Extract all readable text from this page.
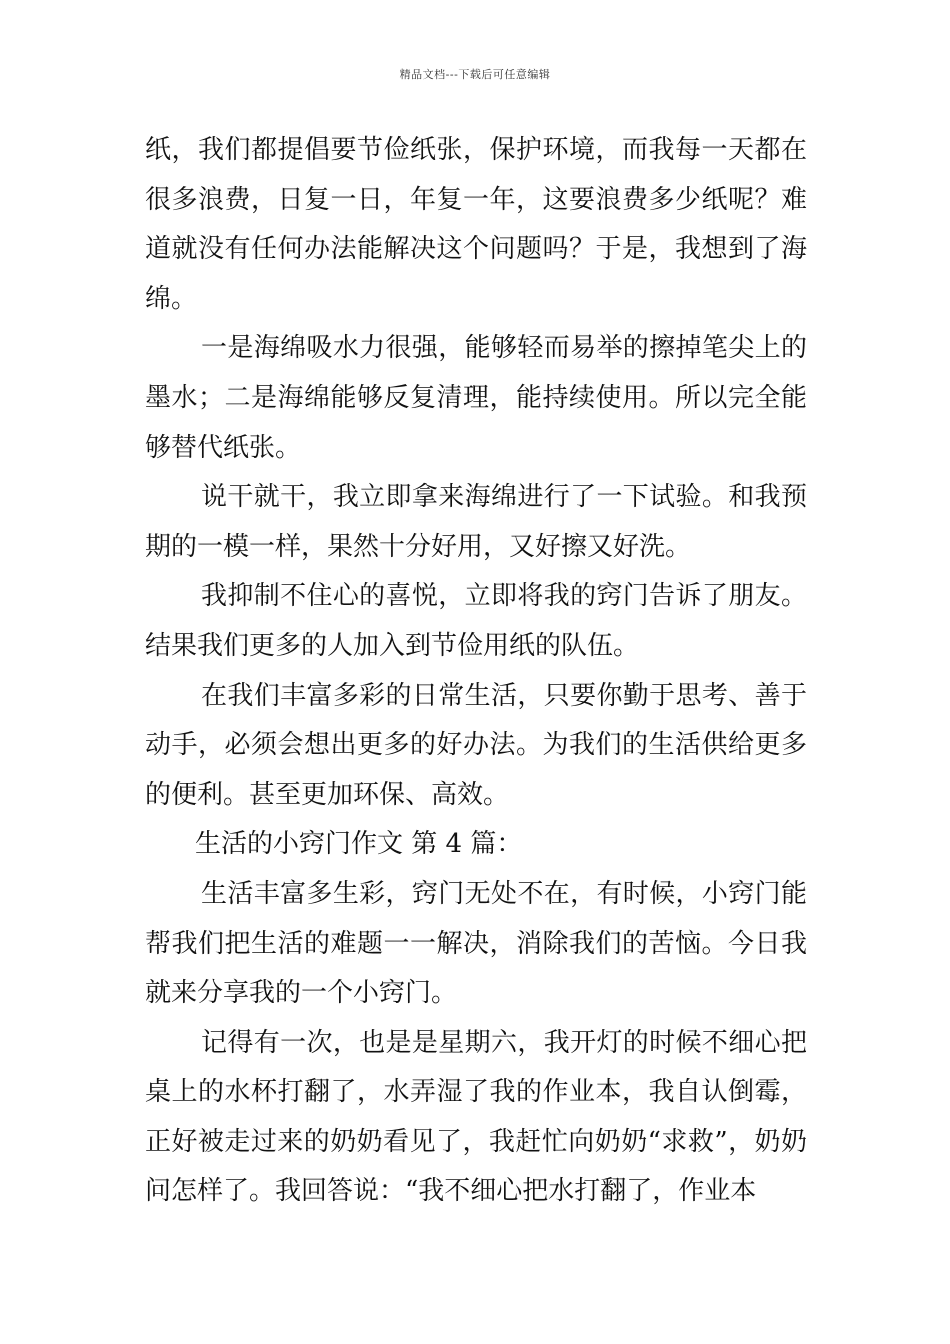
精品文档---下载后可任意编辑

纸，我们都提倡要节俭纸张，保护环境，而我每一天都在很多浪费，日复一日，年复一年，这要浪费多少纸呢？难道就没有任何办法能解决这个问题吗？于是，我想到了海绵。

一是海绵吸水力很强，能够轻而易举的擦掉笔尖上的墨水；二是海绵能够反复清理，能持续使用。所以完全能够替代纸张。

说干就干，我立即拿来海绵进行了一下试验。和我预期的一模一样，果然十分好用，又好擦又好洗。

我抑制不住心的喜悦，立即将我的窍门告诉了朋友。结果我们更多的人加入到节俭用纸的队伍。

在我们丰富多彩的日常生活，只要你勤于思考、善于动手，必须会想出更多的好办法。为我们的生活供给更多的便利。甚至更加环保、高效。

生活的小窍门作文 第 4 篇：

生活丰富多生彩，窍门无处不在，有时候，小窍门能帮我们把生活的难题一一解决，消除我们的苦恼。今日我就来分享我的一个小窍门。

记得有一次，也是是星期六，我开灯的时候不细心把桌上的水杯打翻了，水弄湿了我的作业本，我自认倒霉，正好被走过来的奶奶看见了，我赶忙向奶奶“求救”，奶奶问怎样了。我回答说：“我不细心把水打翻了，作业本
